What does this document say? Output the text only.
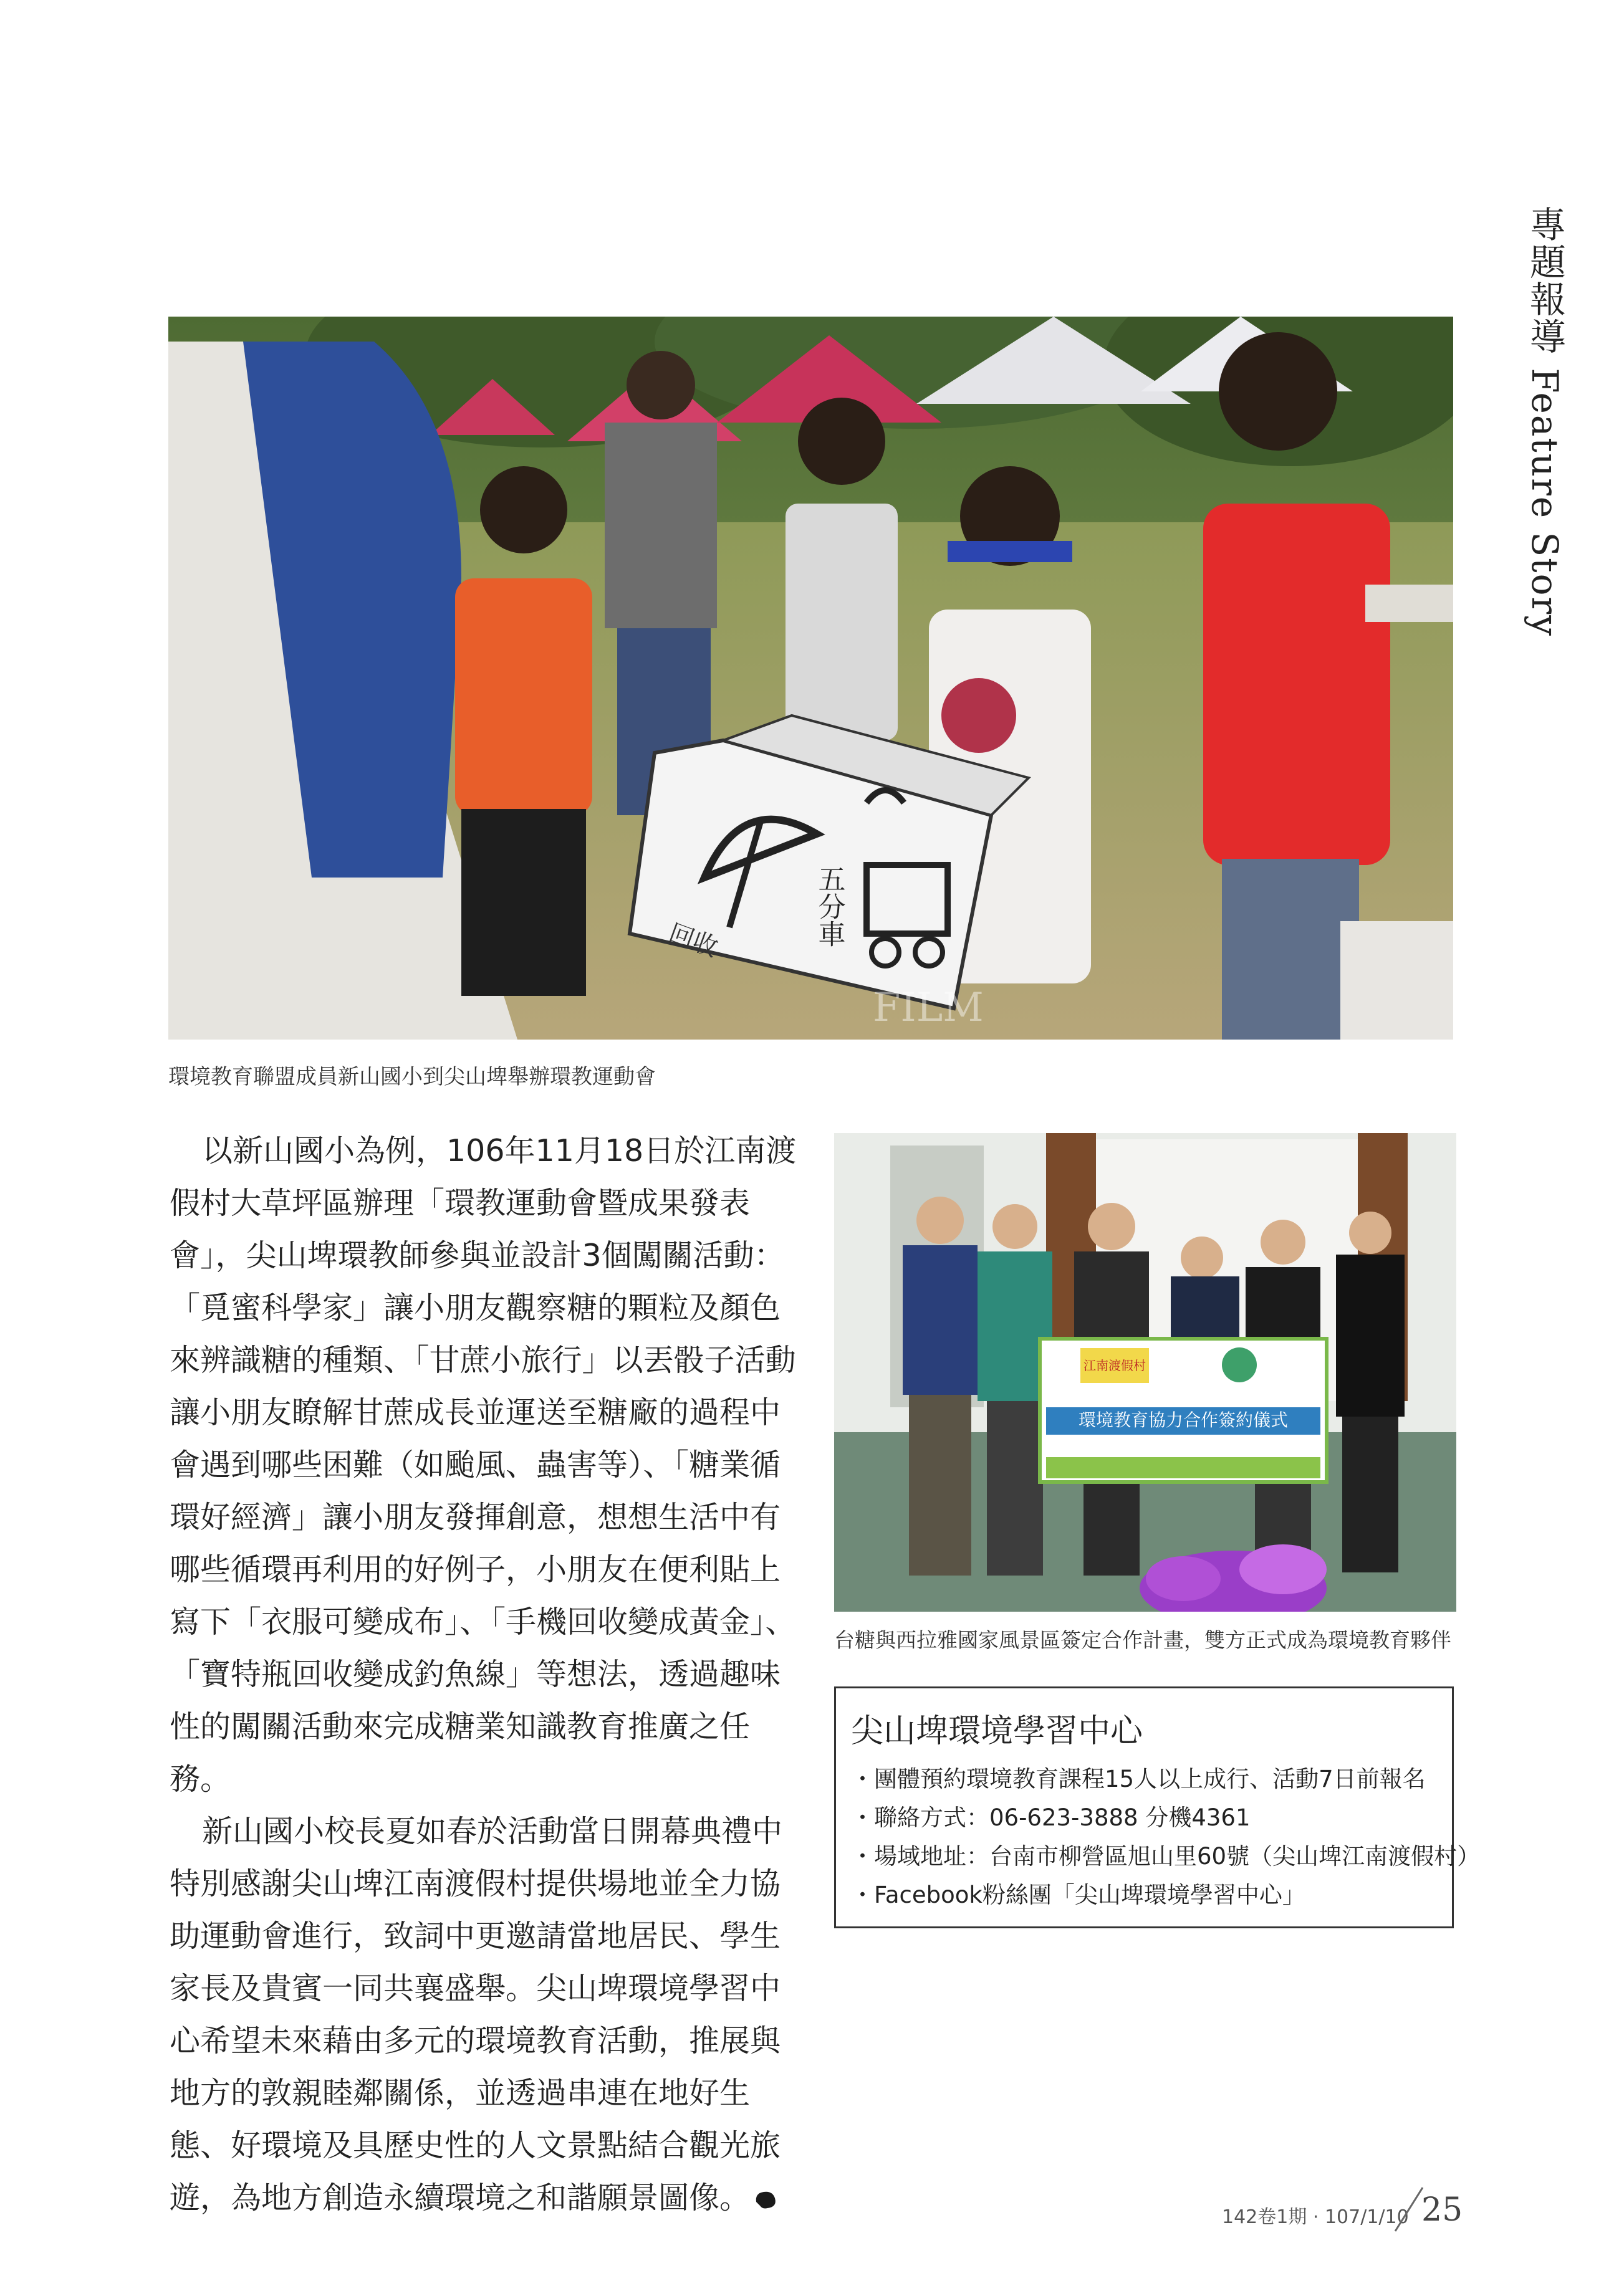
專題報導 Feature Story
五分車
回收
FILM
環境教育聯盟成員新山國小到尖山埤舉辦環教運動會

以新山國小為例，106年11月18日於江南渡假村大草坪區辦理「環教運動會暨成果發表會」，尖山埤環教師參與並設計3個闖關活動：「覓蜜科學家」讓小朋友觀察糖的顆粒及顏色來辨識糖的種類、「甘蔗小旅行」以丟骰子活動讓小朋友瞭解甘蔗成長並運送至糖廠的過程中會遇到哪些困難（如颱風、蟲害等）、「糖業循環好經濟」讓小朋友發揮創意，想想生活中有哪些循環再利用的好例子，小朋友在便利貼上寫下「衣服可變成布」、「手機回收變成黃金」、「寶特瓶回收變成釣魚線」等想法，透過趣味性的闖關活動來完成糖業知識教育推廣之任務。

新山國小校長夏如春於活動當日開幕典禮中特別感謝尖山埤江南渡假村提供場地並全力協助運動會進行，致詞中更邀請當地居民、學生家長及貴賓一同共襄盛舉。尖山埤環境學習中心希望未來藉由多元的環境教育活動，推展與地方的敦親睦鄰關係，並透過串連在地好生態、好環境及具歷史性的人文景點結合觀光旅遊，為地方創造永續環境之和諧願景圖像。

江南渡假村
環境教育協力合作簽約儀式
台糖與西拉雅國家風景區簽定合作計畫，雙方正式成為環境教育夥伴
尖山埤環境學習中心
・團體預約環境教育課程15人以上成行、活動7日前報名
・聯絡方式：06-623-3888 分機4361
・場域地址：台南市柳營區旭山里60號（尖山埤江南渡假村）
・Facebook粉絲團「尖山埤環境學習中心」
142卷1期 · 107/1/10 25
